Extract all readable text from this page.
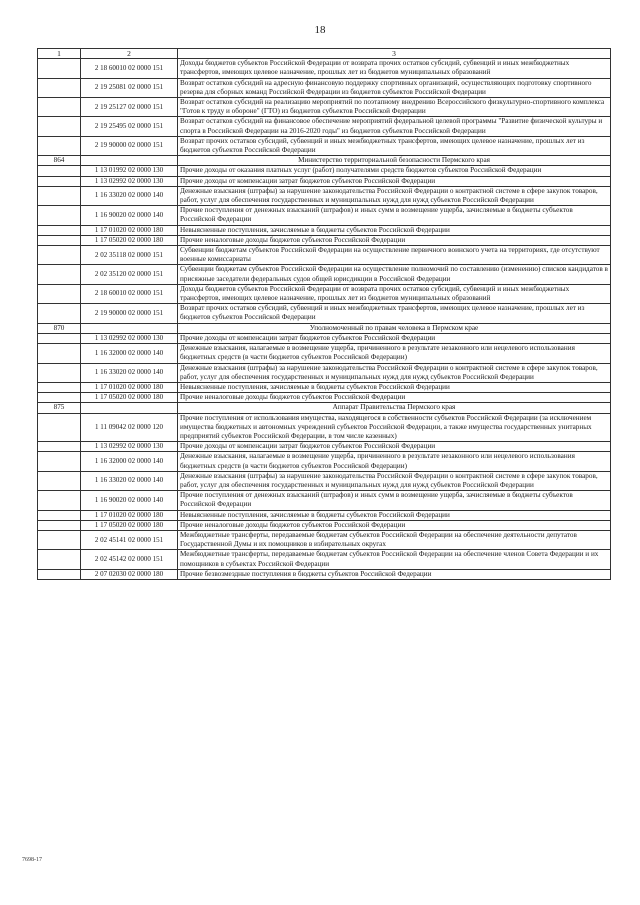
18
1	2	3
	2 18 60010 02 0000 151	Доходы бюджетов субъектов Российской Федерации от возврата прочих остатков субсидий, субвенций и иных межбюджетных трансфертов, имеющих целевое назначение, прошлых лет из бюджетов муниципальных образований
	2 19 25081 02 0000 151	Возврат остатков субсидий на адресную финансовую поддержку спортивных организаций, осуществляющих подготовку спортивного резерва для сборных команд Российской Федерации из бюджетов субъектов Российской Федерации
	2 19 25127 02 0000 151	Возврат остатков субсидий на реализацию мероприятий по поэтапному внедрению Всероссийского физкультурно-спортивного комплекса "Готов к труду и обороне" (ГТО) из бюджетов субъектов Российской Федерации
	2 19 25495 02 0000 151	Возврат остатков субсидий на финансовое обеспечение мероприятий федеральной целевой программы "Развитие физической культуры и спорта в Российской Федерации на 2016-2020 годы" из бюджетов субъектов Российской Федерации
	2 19 90000 02 0000 151	Возврат прочих остатков субсидий, субвенций и иных межбюджетных трансфертов, имеющих целевое назначение, прошлых лет из бюджетов субъектов Российской Федерации
864		Министерство территориальной безопасности Пермского края
	1 13 01992 02 0000 130	Прочие доходы от оказания платных услуг (работ) получателями средств бюджетов субъектов Российской Федерации
	1 13 02992 02 0000 130	Прочие доходы от компенсации затрат бюджетов субъектов Российской Федерации
	1 16 33020 02 0000 140	Денежные взыскания (штрафы) за нарушение законодательства Российской Федерации о контрактной системе в сфере закупок товаров, работ, услуг для обеспечения государственных и муниципальных нужд для нужд субъектов Российской Федерации
	1 16 90020 02 0000 140	Прочие поступления от денежных взысканий (штрафов) и иных сумм в возмещение ущерба, зачисляемые в бюджеты субъектов Российской Федерации
	1 17 01020 02 0000 180	Невыясненные поступления, зачисляемые в бюджеты субъектов Российской Федерации
	1 17 05020 02 0000 180	Прочие неналоговые доходы бюджетов субъектов Российской Федерации
	2 02 35118 02 0000 151	Субвенции бюджетам субъектов Российской Федерации на осуществление первичного воинского учета на территориях, где отсутствуют военные комиссариаты
	2 02 35120 02 0000 151	Субвенции бюджетам субъектов Российской Федерации на осуществление полномочий по составлению (изменению) списков кандидатов в присяжные заседатели федеральных судов общей юрисдикции в Российской Федерации
	2 18 60010 02 0000 151	Доходы бюджетов субъектов Российской Федерации от возврата прочих остатков субсидий, субвенций и иных межбюджетных трансфертов, имеющих целевое назначение, прошлых лет из бюджетов муниципальных образований
	2 19 90000 02 0000 151	Возврат прочих остатков субсидий, субвенций и иных межбюджетных трансфертов, имеющих целевое назначение, прошлых лет из бюджетов субъектов Российской Федерации
870		Уполномоченный по правам человека в Пермском крае
	1 13 02992 02 0000 130	Прочие доходы от компенсации затрат бюджетов субъектов Российской Федерации
	1 16 32000 02 0000 140	Денежные взыскания, налагаемые в возмещение ущерба, причиненного в результате незаконного или нецелевого использования бюджетных средств (в части бюджетов субъектов Российской Федерации)
	1 16 33020 02 0000 140	Денежные взыскания (штрафы) за нарушение законодательства Российской Федерации о контрактной системе в сфере закупок товаров, работ, услуг для обеспечения государственных и муниципальных нужд для нужд субъектов Российской Федерации
	1 17 01020 02 0000 180	Невыясненные поступления, зачисляемые в бюджеты субъектов Российской Федерации
	1 17 05020 02 0000 180	Прочие неналоговые доходы бюджетов субъектов Российской Федерации
875		Аппарат Правительства Пермского края
	1 11 09042 02 0000 120	Прочие поступления от использования имущества, находящегося в собственности субъектов Российской Федерации (за исключением имущества бюджетных и автономных учреждений субъектов Российской Федерации, а также имущества государственных унитарных предприятий субъектов Российской Федерации, в том числе казенных)
	1 13 02992 02 0000 130	Прочие доходы от компенсации затрат бюджетов субъектов Российской Федерации
	1 16 32000 02 0000 140	Денежные взыскания, налагаемые в возмещение ущерба, причиненного в результате незаконного или нецелевого использования бюджетных средств (в части бюджетов субъектов Российской Федерации)
	1 16 33020 02 0000 140	Денежные взыскания (штрафы) за нарушение законодательства Российской Федерации о контрактной системе в сфере закупок товаров, работ, услуг для обеспечения государственных и муниципальных нужд для нужд субъектов Российской Федерации
	1 16 90020 02 0000 140	Прочие поступления от денежных взысканий (штрафов) и иных сумм в возмещение ущерба, зачисляемые в бюджеты субъектов Российской Федерации
	1 17 01020 02 0000 180	Невыясненные поступления, зачисляемые в бюджеты субъектов Российской Федерации
	1 17 05020 02 0000 180	Прочие неналоговые доходы бюджетов субъектов Российской Федерации
	2 02 45141 02 0000 151	Межбюджетные трансферты, передаваемые бюджетам субъектов Российской Федерации на обеспечение деятельности депутатов Государственной Думы и их помощников в избирательных округах
	2 02 45142 02 0000 151	Межбюджетные трансферты, передаваемые бюджетам субъектов Российской Федерации на обеспечение членов Совета Федерации и их помощников в субъектах Российской Федерации
	2 07 02030 02 0000 180	Прочие безвозмездные поступления в бюджеты субъектов Российской Федерации
7698-17
